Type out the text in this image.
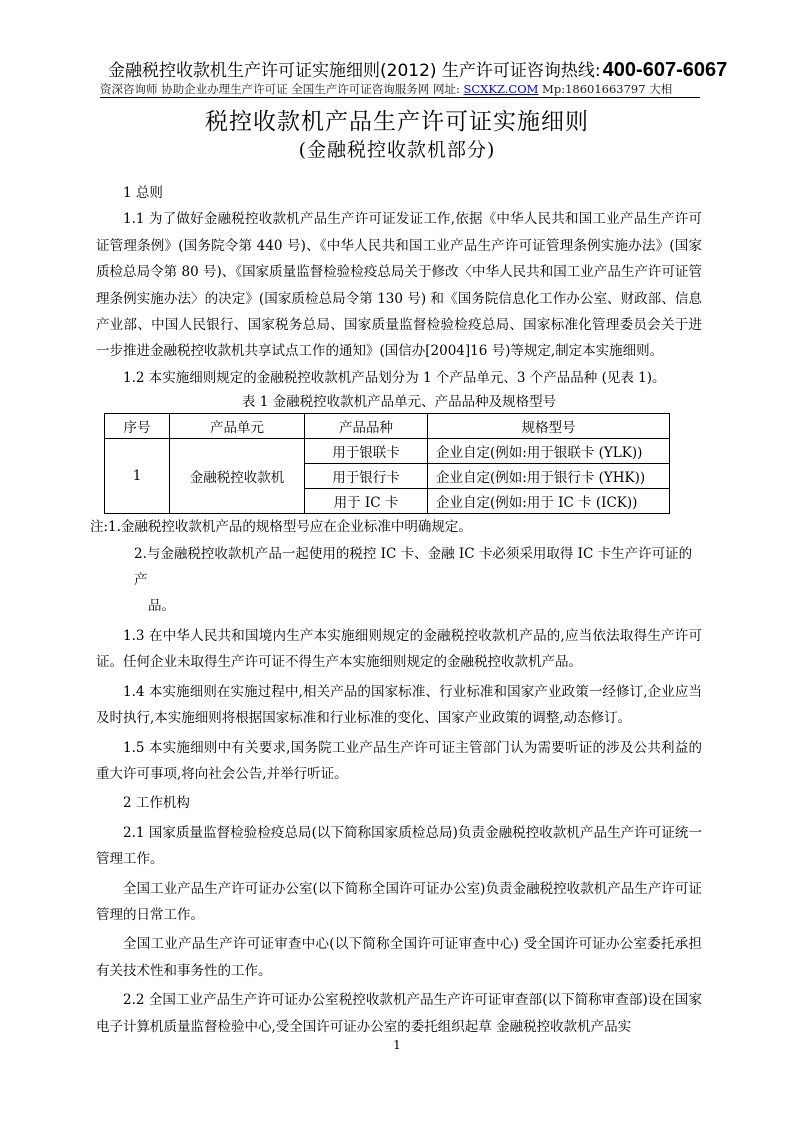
金融税控收款机生产许可证实施细则(2012) 生产许可证咨询热线: 400-607-6067
资深咨询师 协助企业办理生产许可证 全国生产许可证咨询服务网 网址: SCXKZ.COM Mp:18601663797 大相
税控收款机产品生产许可证实施细则
(金融税控收款机部分)

1 总则

1.1 为了做好金融税控收款机产品生产许可证发证工作,依据《中华人民共和国工业产品生产许可证管理条例》(国务院令第 440 号)、《中华人民共和国工业产品生产许可证管理条例实施办法》(国家质检总局令第 80 号)、《国家质量监督检验检疫总局关于修改〈中华人民共和国工业产品生产许可证管理条例实施办法〉的决定》(国家质检总局令第 130 号) 和《国务院信息化工作办公室、财政部、信息产业部、中国人民银行、国家税务总局、国家质量监督检验检疫总局、国家标准化管理委员会关于进一步推进金融税控收款机共享试点工作的通知》(国信办[2004]16 号)等规定,制定本实施细则。

1.2 本实施细则规定的金融税控收款机产品划分为 1 个产品单元、3 个产品品种 (见表 1)。

表 1 金融税控收款机产品单元、产品品种及规格型号

序号	产品单元	产品品种	规格型号
1	金融税控收款机	用于银联卡	企业自定(例如:用于银联卡 (YLK))
		用于银行卡	企业自定(例如:用于银行卡 (YHK))
		用于 IC 卡	企业自定(例如:用于 IC 卡 (ICK))

注:1.金融税控收款机产品的规格型号应在企业标准中明确规定。

2.与金融税控收款机产品一起使用的税控 IC 卡、金融 IC 卡必须采用取得 IC 卡生产许可证的产
品。

1.3 在中华人民共和国境内生产本实施细则规定的金融税控收款机产品的,应当依法取得生产许可证。任何企业未取得生产许可证不得生产本实施细则规定的金融税控收款机产品。

1.4 本实施细则在实施过程中,相关产品的国家标准、行业标准和国家产业政策一经修订,企业应当及时执行,本实施细则将根据国家标准和行业标准的变化、国家产业政策的调整,动态修订。

1.5 本实施细则中有关要求,国务院工业产品生产许可证主管部门认为需要听证的涉及公共利益的重大许可事项,将向社会公告,并举行听证。

2 工作机构

2.1 国家质量监督检验检疫总局(以下简称国家质检总局)负责金融税控收款机产品生产许可证统一管理工作。

全国工业产品生产许可证办公室(以下简称全国许可证办公室)负责金融税控收款机产品生产许可证管理的日常工作。

全国工业产品生产许可证审查中心(以下简称全国许可证审查中心) 受全国许可证办公室委托承担有关技术性和事务性的工作。

2.2 全国工业产品生产许可证办公室税控收款机产品生产许可证审查部(以下简称审查部)设在国家电子计算机质量监督检验中心,受全国许可证办公室的委托组织起草 金融税控收款机产品实

1
